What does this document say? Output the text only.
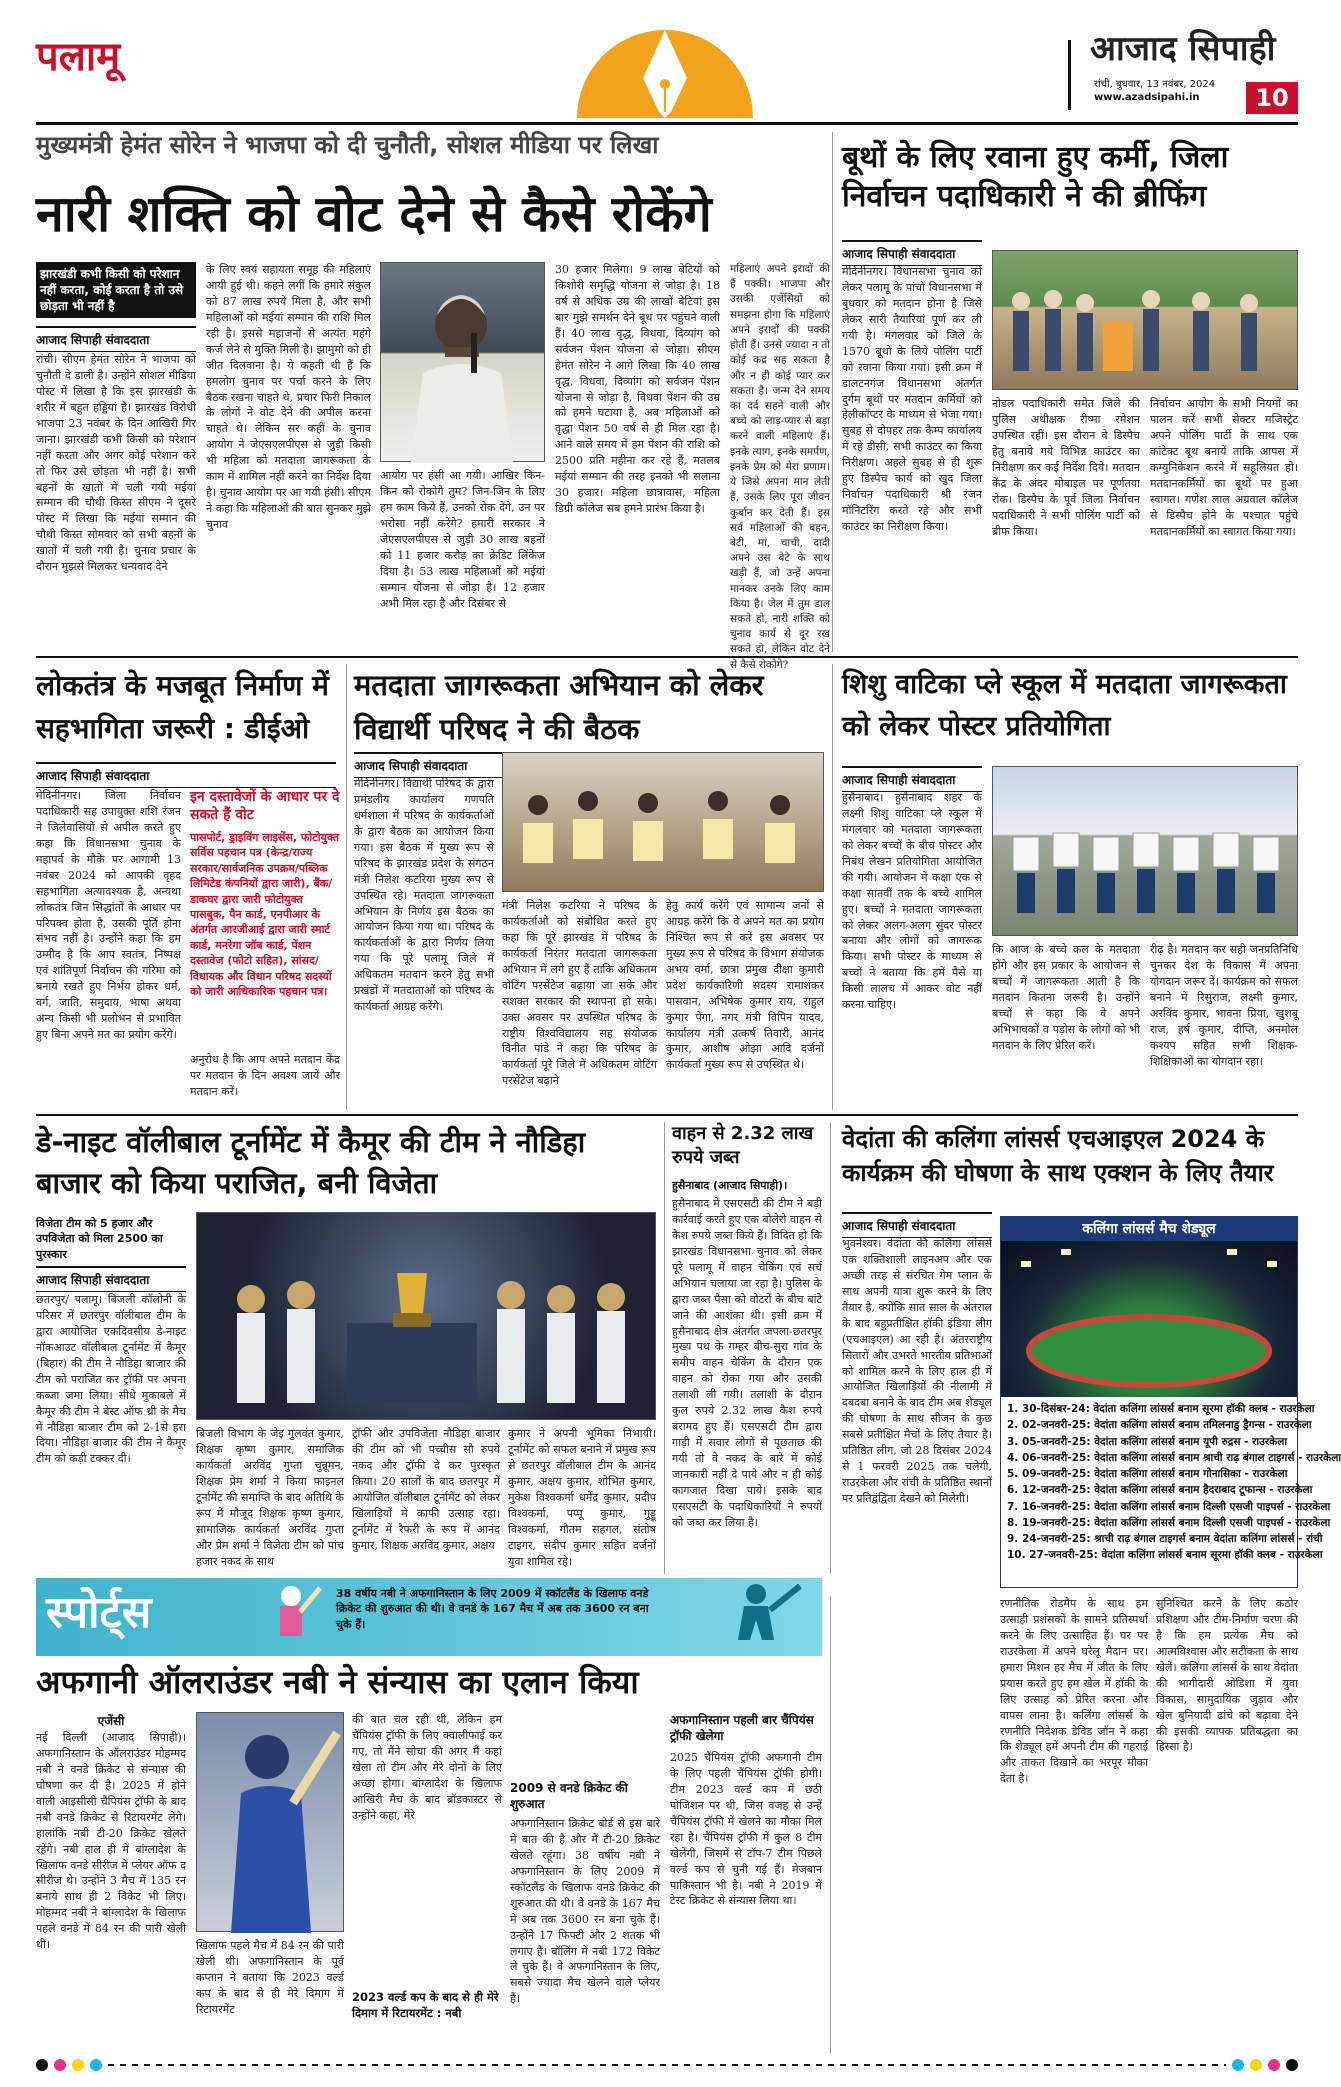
पलामू	आजाद सिपाही
रांची, बुधवार, 13 नवंबर, 2024
www.azadsipahi.in	10
मुख्यमंत्री हेमंत सोरेन ने भाजपा को दी चुनौती, सोशल मीडिया पर लिखा
नारी शक्ति को वोट देने से कैसे रोकेंगे
झारखंडी कभी किसी को परेशान नहीं करता, कोई करता है तो उसे छोड़ता भी नहीं है
आजाद सिपाही संवाददाता
रांची। सीएम हेमंत सोरेन ने भाजपा को चुनौती दे डाली है। उन्होंने सोशल मीडिया पोस्ट में लिखा है कि इस झारखंडी के शरीर में बहुत हड्डियां हैं। झारखंड विरोधी भाजपा 23 नवंबर के दिन आखिरी गिर जाना। झारखंडी कभी किसी को परेशान नहीं करता और अगर कोई परेशान करे तो फिर उसे छोड़ता भी नहीं है। सभी बहनों के खातों में चली गयी मईयां सम्मान की चौथी किस्त सीएम ने दूसरे पोस्ट में लिखा कि मईयां सम्मान की चौथी किस्त सोमवार को सभी बहनों के खातों में चली गयी है। चुनाव प्रचार के दौरान मुझसे मिलकर धन्यवाद देने
के लिए स्वयं सहायता समूह की महिलाएं आयी हुई थी। कहने लगीं कि हमारे संकुल को 87 लाख रुपये मिला है, और सभी महिलाओं को मईयां सम्मान की राशि मिल रही है। इससे महाजनों से अत्यंत महंगे कर्ज लेने से मुक्ति मिली है। झामुमो को ही जीत दिलवाना है। ये कहती थी हैं कि हमलोग चुनाव पर पर्चा करने के लिए बैठक रखना चाहते थे, प्रचार फिरी निकाल के लोगों ने वोट देने की अपील करना चाहते थे। लेकिन सर कहीं के चुनाव आयोग ने जेएसएलपीएस से जुड़ी किसी भी महिला को मतदाता जागरूकता के काम में शामिल नहीं करने का निर्देश दिया है। चुनाव आयोग पर आ गयी हंसी। सीएम ने कहा कि महिलाओं की बात सुनकर मुझे चुनाव
आयोग पर हंसी आ गयी। आखिर किन-किन को रोकोगे तुम? जिन-जिन के लिए हम काम किये हैं, उनको रोक देंगे, उन पर भरोसा नहीं करेंगे? हमारी सरकार ने जेएसएलपीएस से जुड़ी 30 लाख बहनों को 11 हजार करोड़ का क्रेडिट लिंकेज दिया है। 53 लाख महिलाओं को मईयां सम्मान योजना से जोड़ा है। 12 हजार अभी मिल रहा है और दिसंबर से
30 हजार मिलेगा। 9 लाख बेटियों को किशोरी समृद्धि योजना से जोड़ा है। 18 वर्ष से अधिक उम्र की लाखों बेटियां इस बार मुझे समर्थन देने बूथ पर पहुंचने वाली हैं। 40 लाख वृद्ध, विधवा, दिव्यांग को सर्वजन पेंशन योजना से जोड़ा। सीएम हेमंत सोरेन ने आगे लिखा कि 40 लाख वृद्ध, विधवा, दिव्यांग को सर्वजन पेंशन योजना से जोड़ा है, विधवा पेंशन की उम्र को हमने घटाया है, अब महिलाओं को वृद्धा पेंशन 50 वर्ष से ही मिल रहा है। आने वाले समय में हम पेंशन की राशि को 2500 प्रति महीना कर रहे हैं, मतलब मईयां सम्मान की तरह इनको भी सलाना 30 हजार। महिला छात्रावास, महिला डिग्री कॉलेज सब हमने प्रारंभ किया है।
महिलाएं अपने इरादों की हैं पक्की। भाजपा और उसकी एजेंसियों को समझना होगा कि महिलाएं अपने इरादों की पक्की होती हैं। उनसे ज्यादा न तो कोई कद्र सह सकता है और न ही कोई प्यार कर सकता है। जन्म देने समय का दर्द सहने वाली और बच्चे को लाड़-प्यार से बड़ा करने वाली महिलाएं हैं। इनके त्याग, इनके समर्पण, इनके प्रेम को मेरा प्रणाम। ये जिसे अपना मान लेती हैं, उसके लिए पूरा जीवन कुर्बान कर देती हैं। इस सर्व महिलाओं की बहन, बेटी, मां, चाची, दादी अपने उस बेटे के साथ खड़ी हैं, जो उन्हें अपना मानकर उनके लिए काम किया है। जेल में तुम डाल सकते हो, नारी शक्ति को चुनाव कार्य से दूर रख सकते हो, लेकिन वोट देने से कैसे रोकोगे?
बूथों के लिए रवाना हुए कर्मी, जिला निर्वाचन पदाधिकारी ने की ब्रीफिंग
आजाद सिपाही संवाददाता
मेदिनीनगर। विधानसभा चुनाव को लेकर पलामू के पांचों विधानसभा में बुधवार को मतदान होना है जिसे लेकर सारी तैयारियां पूर्ण कर ली गयी है। मंगलवार को जिले के 1570 बूथों के लिये पोलिंग पार्टी को रवाना किया गया। इसी क्रम में डालटनगंज विधानसभा अंतर्गत दुर्गम बूथों पर मतदान कर्मियों को हेलीकॉप्टर के माध्यम से भेजा गया। सुबह से दोपहर तक कैम्प कार्यालय में रहे डीसी, सभी काउंटर का किया निरीक्षण। अहले सुबह से ही शुरू हुए डिस्पैच कार्य को खुद जिला निर्वाचन पदाधिकारी श्री रंजन मॉनिटरिंग करते रहे और सभी काउंटर का निरीक्षण किया।
नोडल पदाधिकारी समेत जिले की पुलिस अधीक्षक रीष्मा रमेशन उपस्थित रहीं। इस दौरान वे डिस्पैच हेतु बनाये गये विभिन्न काउंटर का निरीक्षण कर कई निर्देश दिये। मतदान केंद्र के अंदर मोबाइल पर पूर्णतया रोक। डिस्पैच के पूर्व जिला निर्वाचन पदाधिकारी ने सभी पोलिंग पार्टी को ब्रीफ किया।
निर्वाचन आयोग के सभी नियमों का पालन करें सभी सेक्टर मजिस्ट्रेट अपने पोलिंग पार्टी के साथ एक कांटेक्ट बूथ बनायें ताकि आपस में कम्युनिकेशन करने में सहूलियत हो। मतदानकर्मियों का बूथों पर हुआ स्वागत। गणेश लाल अग्रवाल कॉलेज से डिस्पैच होने के पश्चात पहुंचे मतदानकर्मियों का स्वागत किया गया।
लोकतंत्र के मजबूत निर्माण में सहभागिता जरूरी : डीईओ
आजाद सिपाही संवाददाता
मेदिनीनगर। जिला निर्वाचन पदाधिकारी सह उपायुक्त शशि रंजन ने जिलेवासियों से अपील करते हुए कहा कि विधानसभा चुनाव के महापर्व के मौके पर आगामी 13 नवंबर 2024 को आपकी वृहद सहभागिता अत्यावश्यक है, अन्यथा लोकतंत्र जिन सिद्धांतों के आधार पर परिपक्व होता है, उसकी पूर्ति होना संभव नहीं है। उन्होंने कहा कि हम उम्मीद है कि आप स्वतंत्र, निष्पक्ष एवं शांतिपूर्ण निर्वाचन की गरिमा को बनाये रखते हुए निर्भय होकर धर्म, वर्ग, जाति, समुदाय, भाषा अथवा अन्य किसी भी प्रलोभन से प्रभावित हुए बिना अपने मत का प्रयोग करेंगे।
इन दस्तावेजों के आधार पर दे सकते हैं वोट
पासपोर्ट, ड्राइविंग लाइसेंस, फोटोयुक्त सर्विस पहचान पत्र (केन्द्र/राज्य सरकार/सार्वजनिक उपक्रम/पब्लिक लिमिटेड कंपनियों द्वारा जारी), बैंक/डाकघर द्वारा जारी फोटोयुक्त पासबुक, पैन कार्ड, एनपीआर के अंतर्गत आरजीआई द्वारा जारी स्मार्ट कार्ड, मनरेगा जॉब कार्ड, पेंशन दस्तावेज (फोटो सहित), सांसद/विधायक और विधान परिषद सदस्यों को जारी आधिकारिक पहचान पत्र।
अनुरोध है कि आप अपने मतदान केंद्र पर मतदान के दिन अवश्य जायें और मतदान करें।
मतदाता जागरूकता अभियान को लेकर विद्यार्थी परिषद ने की बैठक
आजाद सिपाही संवाददाता
मेदिनीनगर। विद्यार्थी परिषद के द्वारा प्रमंडलीय कार्यालय गणपति धर्मशाला में परिषद के कार्यकर्ताओं के द्वारा बैठक का आयोजन किया गया। इस बैठक में मुख्य रूप से परिषद के झारखंड प्रदेश के संगठन मंत्री निलेश कटरिया मुख्य रूप से उपस्थित रहे। मतदाता जागरूकता अभियान के निर्णय इस बैठक का आयोजन किया गया था। परिषद के कार्यकर्ताओं के द्वारा निर्णय लिया गया कि पूरे पलामू जिले में अधिकतम मतदान करने हेतु सभी प्रखंडों में मतदाताओं को परिषद के कार्यकर्ता आग्रह करेंगे।
मंत्री निलेश कटरिया ने परिषद के कार्यकर्ताओं को संबोधित करते हुए कहा कि पूरे झारखंड में परिषद के कार्यकर्ता निरंतर मतदाता जागरूकता अभियान में लगे हुए हैं ताकि अधिकतम वोटिंग परसेंटेज बढ़ाया जा सके और सशक्त सरकार की स्थापना हो सके। उक्त अवसर पर उपस्थित परिषद के राष्ट्रीय विश्वविद्यालय सह संयोजक विनीत पांडे ने कहा कि परिषद के कार्यकर्ता पूरे जिले में अधिकतम वोटिंग परसेंटेज बढ़ाने
हेतु कार्य करेंगे एवं सामान्य जनों से आग्रह करेंगे कि वे अपने मत का प्रयोग निश्चित रूप से करें इस अवसर पर मुख्य रूप से परिषद के विभाग संयोजक अभय वर्मा, छात्रा प्रमुख दीक्षा कुमारी प्रदेश कार्यकारिणी सदस्य रामाशंकर पासवान, अभिषेक कुमार राय, राहुल कुमार पेंगा, नगर मंत्री विपिन यादव, कार्यालय मंत्री उत्कर्ष तिवारी, आनंद कुमार, आशीष ओझा आदि दर्जनों कार्यकर्ता मुख्य रूप से उपस्थित थे।
शिशु वाटिका प्ले स्कूल में मतदाता जागरूकता को लेकर पोस्टर प्रतियोगिता
आजाद सिपाही संवाददाता
हुसैनाबाद। हुसैनाबाद शहर के लक्ष्मी शिशु वाटिका प्ले स्कूल में मंगलवार को मतदाता जागरूकता को लेकर बच्चों के बीच पोस्टर और निबंध लेखन प्रतियोगिता आयोजित की गयी। आयोजन में कक्षा एक से कक्षा सातवीं तक के बच्चे शामिल हुए। बच्चों ने मतदाता जागरूकता को लेकर अलग-अलग सुंदर पोस्टर बनाया और लोगों को जागरूक किया। सभी पोस्टर के माध्यम से बच्चों ने बताया कि हमें पैसे या किसी लालच में आकर वोट नहीं करना चाहिए।
कि आज के बच्चे कल के मतदाता होंगे और इस प्रकार के आयोजन से बच्चों में जागरूकता आती है कि मतदान कितना जरूरी है। उन्होंने बच्चों से कहा कि वे अपने अभिभावकों व पड़ोस के लोगों को भी मतदान के लिए प्रेरित करें।
रीढ़ है। मतदान कर सही जनप्रतिनिधि चुनकर देश के विकास में अपना योगदान जरूर दें। कार्यक्रम को सफल बनाने में रिसुराज, लक्ष्मी कुमार, अरविंद कुमार, भावना प्रिया, खुशबू राज, हर्ष कुमार, दीप्ति, अनमोल कश्यप सहित सभी शिक्षक-शिक्षिकाओं का योगदान रहा।
डे-नाइट वॉलीबाल टूर्नामेंट में कैमूर की टीम ने नौडिहा बाजार को किया पराजित, बनी विजेता
विजेता टीम को 5 हजार और उपविजेता को मिला 2500 का पुरस्कार
आजाद सिपाही संवाददाता
छतरपुर/ पलामू। बिजली कॉलोनी के परिसर में छतरपुर वॉलीबाल टीम के द्वारा आयोजित एकदिवसीय डे-नाइट नॉकआउट वॉलीबाल टूर्नामेंट में कैमूर (बिहार) की टीम ने नौडिहा बाजार की टीम को पराजित कर ट्रॉफी पर अपना कब्जा जमा लिया। सीधे मुकाबले में कैमूर की टीम ने बेस्ट ऑफ थ्री के मैच में नौडिहा बाजार टीम को 2-1से हरा दिया। नौडिहा बाजार की टीम ने कैमूर टीम को कड़ी टक्कर दी।
बिजली विभाग के जेइ गुलवंत कुमार, शिक्षक कृष्ण कुमार, समाजिक कार्यकर्ता अरविंद गुप्ता चुन्नूमन, शिक्षक प्रेम शर्मा ने किया फाइनल टूर्नामेंट की समाप्ति के बाद अतिथि के रूप में मौजूद शिक्षक कृष्ण कुमार, सामाजिक कार्यकर्ता अरविंद गुप्ता और प्रेम शर्मा ने विजेता टीम को पांच हजार नकद के साथ
ट्रॉफी और उपविजेता नौडिहा बाजार की टीम को भी पच्चीस सौ रुपये नकद और ट्रॉफी दे कर पुरस्कृत किया। 20 सालों के बाद छतरपुर में आयोजित वॉलीबाल टूर्नामेंट को लेकर खिलाड़ियों में काफी उत्साह रहा। टूर्नामेंट में रैफरी के रूप में आनंद कुमार, शिक्षक अरविंद कुमार, अक्षय
कुमार ने अपनी भूमिका निभायी। टूर्नामेंट को सफल बनाने में प्रमुख रूप से छतरपुर वॉलीबाल टीम के आनंद कुमार, अक्षय कुमार, शोभित कुमार, मुकेश विश्वकर्मा धर्मेंद्र कुमार, प्रदीप विश्वकर्मा, पप्पू कुमार, गुड्डू विश्वकर्मा, गौतम सहगल, संतोष टाइगर, संदीप कुमार सहित दर्जनों युवा शामिल रहे।
वाहन से 2.32 लाख रुपये जब्त
हुसैनाबाद (आजाद सिपाही)।
हुसैनाबाद में एसएसटी की टीम ने बड़ी कार्रवाई करते हुए एक बोलेरो वाहन से कैश रुपये जब्त किये हैं। विदित हो कि झारखंड विधानसभा चुनाव को लेकर पूरे पलामू में वाहन चेकिंग एवं सर्च अभियान चलाया जा रहा है। पुलिस के द्वारा जब्त पैसा को वोटरों के बीच बांटे जाने की आशंका थी। इसी क्रम में हुसैनाबाद क्षेत्र अंतर्गत जपला-छतरपुर मुख्य पथ के गम्हर बीच-सुरा गांव के समीप वाहन चेकिंग के दौरान एक वाहन को रोका गया और उसकी तलाशी ली गयी। तलाशी के दौरान कुल रुपये 2.32 लाख कैश रुपये बरामद हुए हैं। एसएसटी टीम द्वारा गाड़ी में सवार लोगों से पूछताछ की गयी तो वे नकद के बारे में कोई जानकारी नहीं दे पाये और न ही कोई कागजात दिखा पाये। इसके बाद एसएसटी के पदाधिकारियों ने रुपयों को जब्त कर लिया है।
वेदांता की कलिंगा लांसर्स एचआइएल 2024 के कार्यक्रम की घोषणा के साथ एक्शन के लिए तैयार
आजाद सिपाही संवाददाता
भुवनेश्वर। वेदांता की कलिंगा लांसर्स एक शक्तिशाली लाइनअप और एक अच्छी तरह से संरचित गेम प्लान के साथ अपनी यात्रा शुरू करने के लिए तैयार है, क्योंकि सात साल के अंतराल के बाद बहुप्रतीक्षित हॉकी इंडिया लीग (एचआइएल) आ रही है। अंतरराष्ट्रीय सितारों और उभरते भारतीय प्रतिभाओं को शामिल करने के लिए हाल ही में आयोजित खिलाड़ियों की नीलामी में दबदबा बनाने के बाद टीम अब शेड्यूल की घोषणा के साथ सीजन के कुछ सबसे प्रतीक्षित मैचों के लिए तैयार है। प्रतिष्ठित लीग, जो 28 दिसंबर 2024 से 1 फरवरी 2025 तक चलेगी, राउरकेला और रांची के प्रतिष्ठित स्थानों पर प्रतिद्वंद्विता देखने को मिलेगी।
कलिंगा लांसर्स मैच शेड्यूल
1. 30-दिसंबर-24: वेदांता कलिंगा लांसर्स बनाम सूरमा हॉकी क्लब - राउरकेला
2. 02-जनवरी-25: वेदांता कलिंगा लांसर्स बनाम तमिलनाडु ड्रैगन्स - राउरकेला
3. 05-जनवरी-25: वेदांता कलिंगा लांसर्स बनाम यूपी रुद्रस - राउरकेला
4. 06-जनवरी-25: वेदांता कलिंगा लांसर्स बनाम श्राची राढ़ बंगाल टाइगर्स - राउरकेला
5. 09-जनवरी-25: वेदांता कलिंगा लांसर्स बनाम गोनासिका - राउरकेला
6. 12-जनवरी-25: वेदांता कलिंगा लांसर्स बनाम हैदराबाद टूफान्स - राउरकेला
7. 16-जनवरी-25: वेदांता कलिंगा लांसर्स बनाम दिल्ली एसजी पाइपर्स - राउरकेला
8. 19-जनवरी-25: वेदांता कलिंगा लांसर्स बनाम दिल्ली एसजी पाइपर्स - राउरकेला
9. 24-जनवरी-25: श्राची राढ़ बंगाल टाइगर्स बनाम वेदांता कलिंगा लांसर्स - रांची
10. 27-जनवरी-25: वेदांता कलिंगा लांसर्स बनाम सूरमा हॉकी क्लब - राउरकेला
स्पोर्ट्स	38 वर्षीय नबी ने अफगानिस्तान के लिए 2009 में स्कॉटलैंड के खिलाफ वनडे क्रिकेट की शुरुआत की थी। वे वनडे के 167 मैच में अब तक 3600 रन बना चुके हैं।
अफगानी ऑलराउंडर नबी ने संन्यास का एलान किया
एजेंसी
नई दिल्ली (आजाद सिपाही)। अफगानिस्तान के ऑलराउंडर मोहम्मद नबी ने वनडे क्रिकेट से संन्यास की घोषणा कर दी है। 2025 में होने वाली आइसीसी चैंपियंस ट्रॉफी के बाद नबी वनडे क्रिकेट से रिटायरमेंट लेंगे। हालांकि नबी टी-20 क्रिकेट खेलते रहेंगे। नबी हाल ही में बांग्लादेश के खिलाफ वनडे सीरीज में प्लेयर ऑफ द सीरीज थे। उन्होंने 3 मैच में 135 रन बनाये साथ ही 2 विकेट भी लिए। मोहम्मद नबी ने बांग्लादेश के खिलाफ पहले वनडे में 84 रन की पारी खेली थी।
2023 वर्ल्ड कप के बाद से ही मेरे दिमाग में रिटायरमेंट : नबी
खिलाफ पहले मैच में 84 रन की पारी खेली थी। अफगानिस्तान के पूर्व कप्तान ने बताया कि 2023 वर्ल्ड कप के बाद से ही मेरे दिमाग में रिटायरमेंट
की बात चल रही थी, लेकिन हम चैंपियंस ट्रॉफी के लिए क्वालीफाई कर गए, तो मैंने सोचा की अगर मैं कहां खेला तो टीम और मेरे दोनों के लिए अच्छा होगा। बांग्लादेश के खिलाफ आखिरी मैच के बाद ब्रॉडकास्टर से उन्होंने कहा, मेरे
2009 से वनडे क्रिकेट की शुरुआत
अफगानिस्तान क्रिकेट बोर्ड से इस बारे में बात की है और मैं टी-20 क्रिकेट खेलते रहूंगा। 38 वर्षीय नबी ने अफगानिस्तान के लिए 2009 में स्कॉटलैंड के खिलाफ वनडे क्रिकेट की शुरुआत की थी। वे वनडे के 167 मैच में अब तक 3600 रन बना चुके हैं। उन्होंने 17 फिफ्टी और 2 शतक भी लगाए हैं। बॉलिंग में नबी 172 विकेट ले चुके हैं। वे अफगानिस्तान के लिए, सबसे ज्यादा मैच खेलने वाले प्लेयर हैं।
अफगानिस्तान पहली बार चैंपियंस ट्रॉफी खेलेगा
2025 चैंपियंस ट्रॉफी अफगानी टीम के लिए पहली चैंपियंस ट्रॉफी होगी। टीम 2023 वर्ल्ड कप में छठी पोजिशन पर थी, जिस वजह से उन्हें चैंपियंस ट्रॉफी में खेलने का मौका मिल रहा है। चैंपियंस ट्रॉफी में कुल 8 टीम खेलेंगी, जिसमें से टॉप-7 टीम पिछले वर्ल्ड कप से चुनी गई हैं। मेजबान पाकिस्तान भी है। नबी ने 2019 में टेस्ट क्रिकेट से संन्यास लिया था।
रणनीतिक रोडमैप के साथ हम उत्साही प्रशंसकों के सामने प्रतिस्पर्धा करने के लिए उत्साहित हैं। घर पर राउरकेला में अपने घरेलू मैदान पर। हमारा मिशन हर मैच में जीत के लिए प्रयास करते हुए हम खेल में हॉकी के लिए उत्साह को प्रेरित करना और वापस लाना है। कलिंगा लांसर्स के रणनीति निदेशक डेविड जॉन ने कहा कि शेड्यूल हमें अपनी टीम की गहराई और ताकत दिखाने का भरपूर मौका देता है।
सुनिश्चित करने के लिए कठोर प्रशिक्षण और टीम-निर्माण चरण की है कि हम प्रत्येक मैच को आत्मविश्वास और सटीकता के साथ खेलें। कलिंगा लांसर्स के साथ वेदांता की भागीदारी ओडिशा में युवा विकास, सामुदायिक जुड़ाव और खेल बुनियादी ढांचे को बढ़ावा देने की इसकी व्यापक प्रतिबद्धता का हिस्सा है।
